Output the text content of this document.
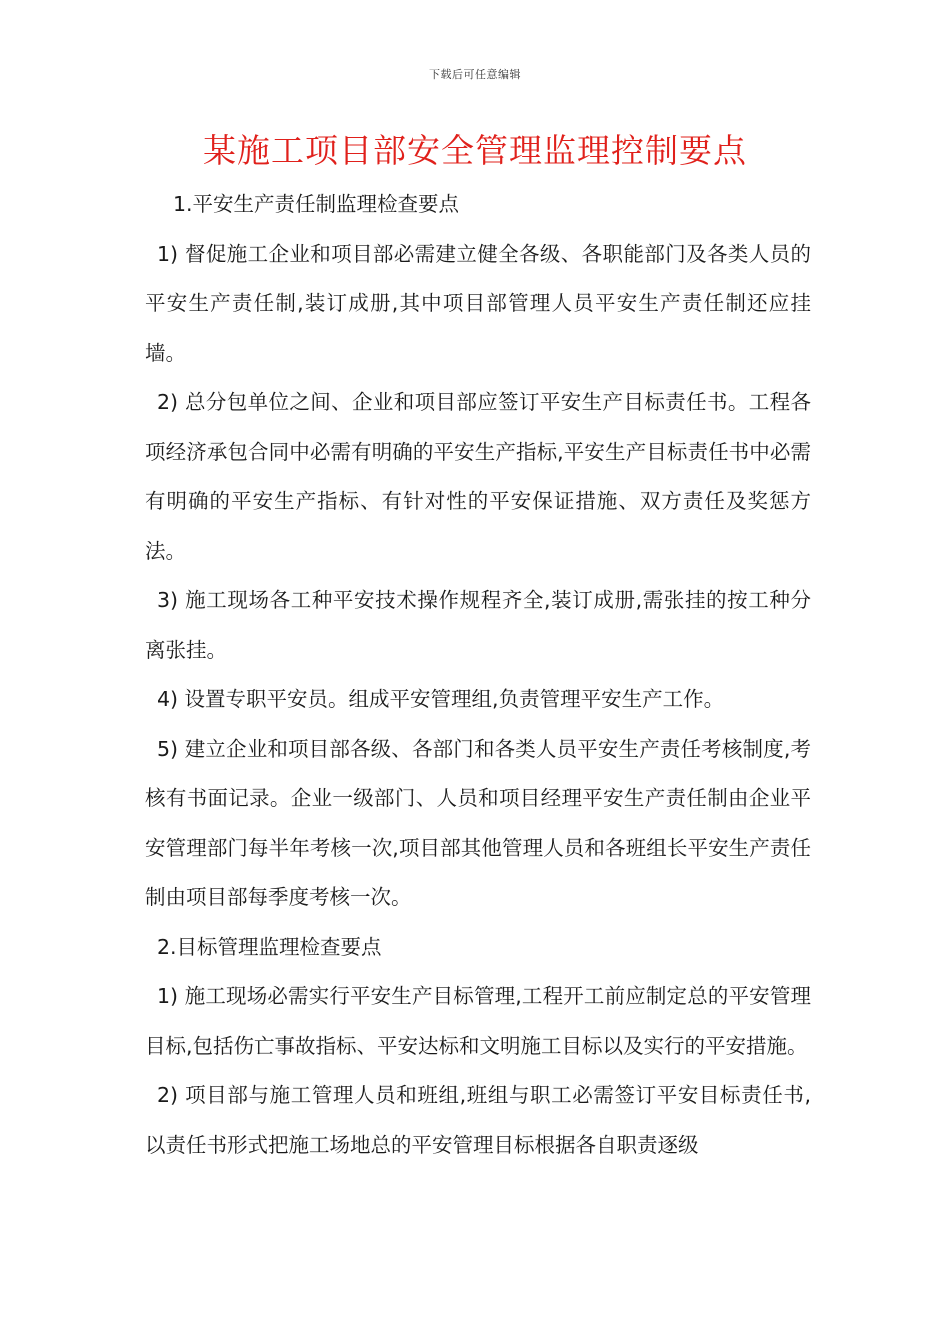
下载后可任意编辑
某施工项目部安全管理监理控制要点

1.平安生产责任制监理检查要点

1) 督促施工企业和项目部必需建立健全各级、各职能部门及各类人员的平安生产责任制,装订成册,其中项目部管理人员平安生产责任制还应挂墙。

2) 总分包单位之间、企业和项目部应签订平安生产目标责任书。工程各项经济承包合同中必需有明确的平安生产指标,平安生产目标责任书中必需有明确的平安生产指标、有针对性的平安保证措施、双方责任及奖惩方法。

3) 施工现场各工种平安技术操作规程齐全,装订成册,需张挂的按工种分离张挂。

4) 设置专职平安员。组成平安管理组,负责管理平安生产工作。

5) 建立企业和项目部各级、各部门和各类人员平安生产责任考核制度,考核有书面记录。企业一级部门、人员和项目经理平安生产责任制由企业平安管理部门每半年考核一次,项目部其他管理人员和各班组长平安生产责任制由项目部每季度考核一次。

2.目标管理监理检查要点

1) 施工现场必需实行平安生产目标管理,工程开工前应制定总的平安管理目标,包括伤亡事故指标、平安达标和文明施工目标以及实行的平安措施。

2) 项目部与施工管理人员和班组,班组与职工必需签订平安目标责任书,以责任书形式把施工场地总的平安管理目标根据各自职责逐级
